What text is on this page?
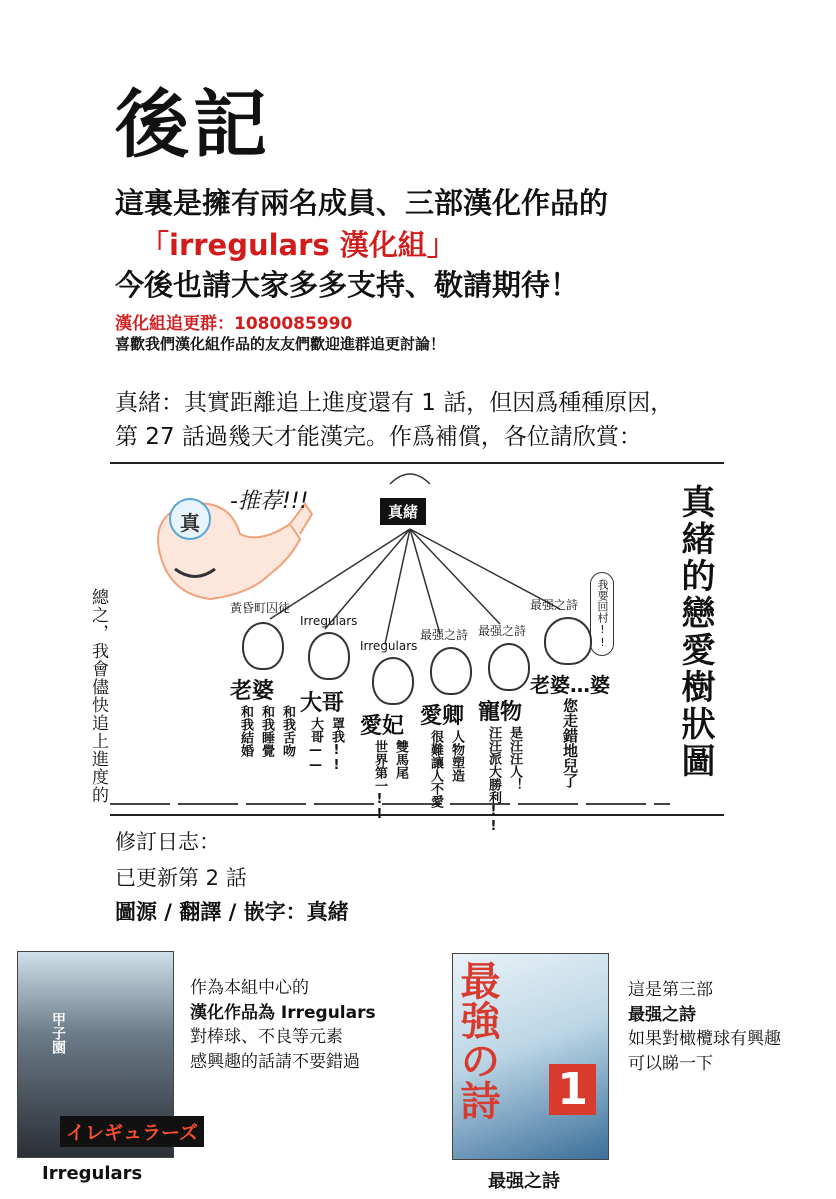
後記
這裏是擁有兩名成員、三部漢化作品的
「irregulars 漢化組」
今後也請大家多多支持、敬請期待！
漢化組追更群：1080085990
喜歡我們漢化組作品的友友們歡迎進群追更討論！
真緒：其實距離追上進度還有 1 話，但因爲種種原因，
第 27 話過幾天才能漢完。作爲補償，各位請欣賞：
總之，我會儘快追上進度的	真緒的戀愛樹狀圖
真
-推荐!!!	真緒
我要回村!!
黃昏町囚徒
老婆
和我舌吻
和我睡覺
和我結婚
Irregulars
大哥
罩我!!
大哥——
Irregulars
愛妃
雙馬尾
世界第一!!
最强之詩
愛卿
人物塑造
很難讓人不愛
最强之詩
寵物
是汪汪人！
汪汪派大勝利!!
最强之詩
老婆…婆
您走錯地兒了
修訂日志：
已更新第 2 話
圖源 / 翻譯 / 嵌字：真緒
甲子園
イレギュラーズ
Irregulars
作為本組中心的
漢化作品為 Irregulars
對棒球、不良等元素
感興趣的話請不要錯過	最強の詩 1
最强之詩
這是第三部
最强之詩
如果對橄欖球有興趣
可以睇一下
